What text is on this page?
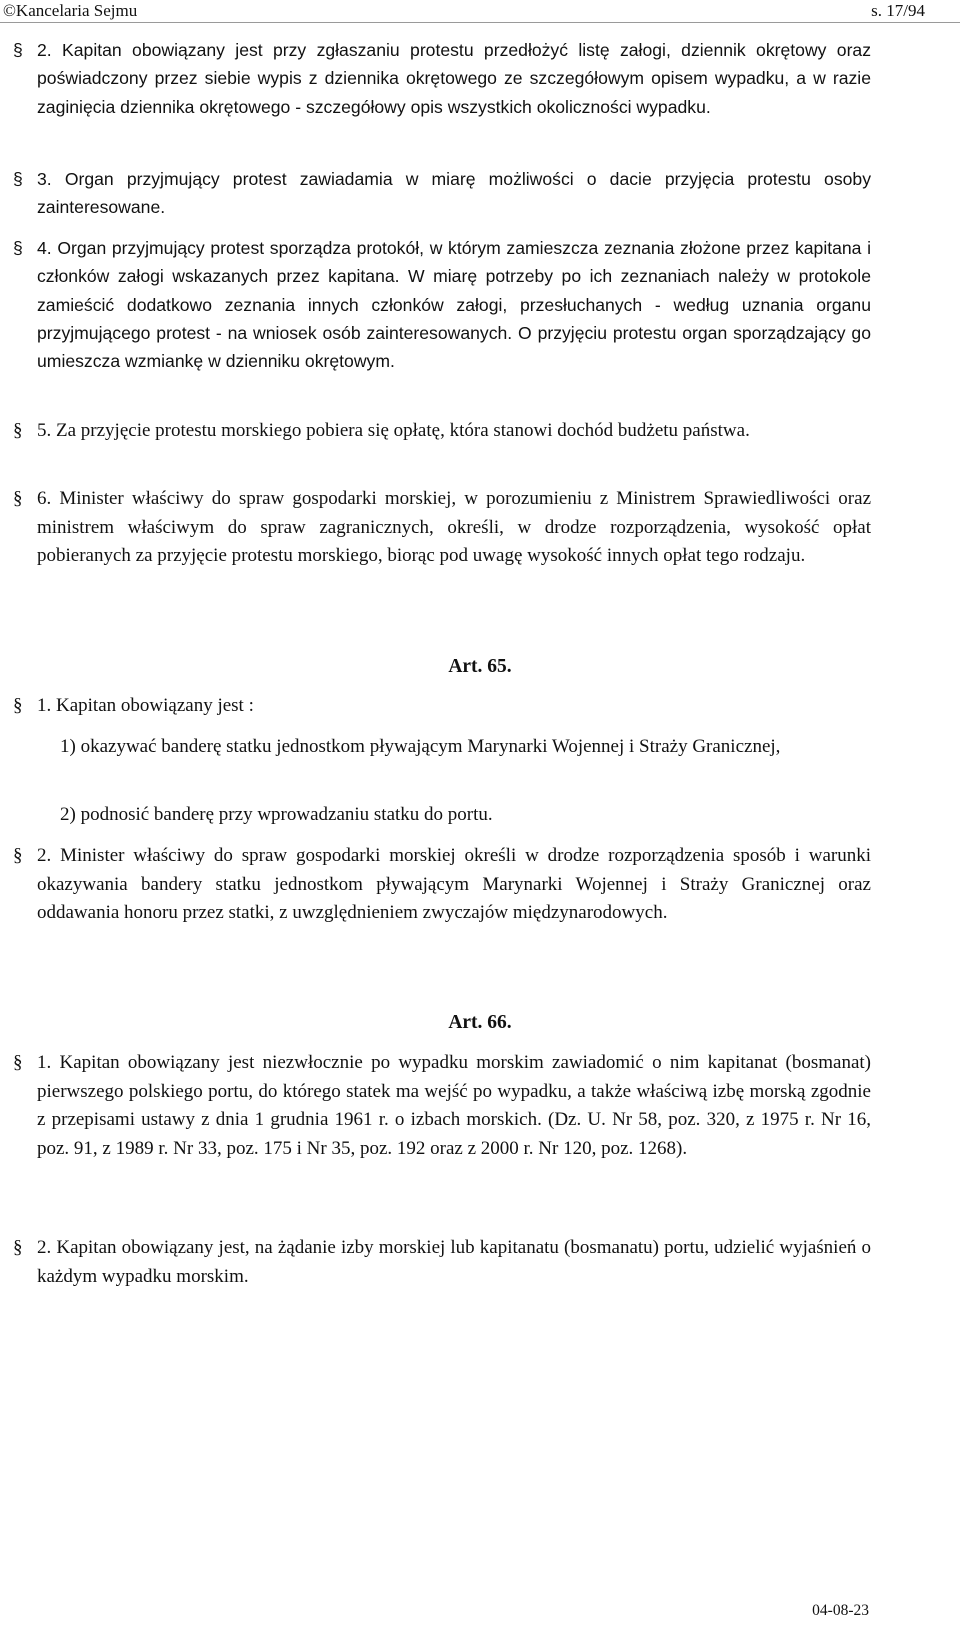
©Kancelaria Sejmu	s. 17/94
§ 2. Kapitan obowiązany jest przy zgłaszaniu protestu przedłożyć listę załogi, dziennik okrętowy oraz poświadczony przez siebie wypis z dziennika okrętowego ze szczegółowym opisem wypadku, a w razie zaginięcia dziennika okrętowego - szczegółowy opis wszystkich okoliczności wypadku.
§ 3. Organ przyjmujący protest zawiadamia w miarę możliwości o dacie przyjęcia protestu osoby zainteresowane.
§ 4. Organ przyjmujący protest sporządza protokół, w którym zamieszcza zeznania złożone przez kapitana i członków załogi wskazanych przez kapitana. W miarę potrzeby po ich zeznaniach należy w protokole zamieścić dodatkowo zeznania innych członków załogi, przesłuchanych - według uznania organu przyjmującego protest - na wniosek osób zainteresowanych. O przyjęciu protestu organ sporządzający go umieszcza wzmiankę w dzienniku okrętowym.
§ 5. Za przyjęcie protestu morskiego pobiera się opłatę, która stanowi dochód budżetu państwa.
§ 6. Minister właściwy do spraw gospodarki morskiej, w porozumieniu z Ministrem Sprawiedliwości oraz ministrem właściwym do spraw zagranicznych, określi, w drodze rozporządzenia, wysokość opłat pobieranych za przyjęcie protestu morskiego, biorąc pod uwagę wysokość innych opłat tego rodzaju.
Art. 65.
§ 1. Kapitan obowiązany jest :
1) okazywać banderę statku jednostkom pływającym Marynarki Wojennej i Straży Granicznej,
2) podnosić banderę przy wprowadzaniu statku do portu.
§ 2. Minister właściwy do spraw gospodarki morskiej określi w drodze rozporządzenia sposób i warunki okazywania bandery statku jednostkom pływającym Marynarki Wojennej i Straży Granicznej oraz oddawania honoru przez statki, z uwzględnieniem zwyczajów międzynarodowych.
Art. 66.
§ 1. Kapitan obowiązany jest niezwłocznie po wypadku morskim zawiadomić o nim kapitanat (bosmanat) pierwszego polskiego portu, do którego statek ma wejść po wypadku, a także właściwą izbę morską zgodnie z przepisami ustawy z dnia 1 grudnia 1961 r. o izbach morskich. (Dz. U. Nr 58, poz. 320, z 1975 r. Nr 16, poz. 91, z 1989 r. Nr 33, poz. 175 i Nr 35, poz. 192 oraz z 2000 r. Nr 120, poz. 1268).
§ 2. Kapitan obowiązany jest, na żądanie izby morskiej lub kapitanatu (bosmanatu) portu, udzielić wyjaśnień o każdym wypadku morskim.
04-08-23
